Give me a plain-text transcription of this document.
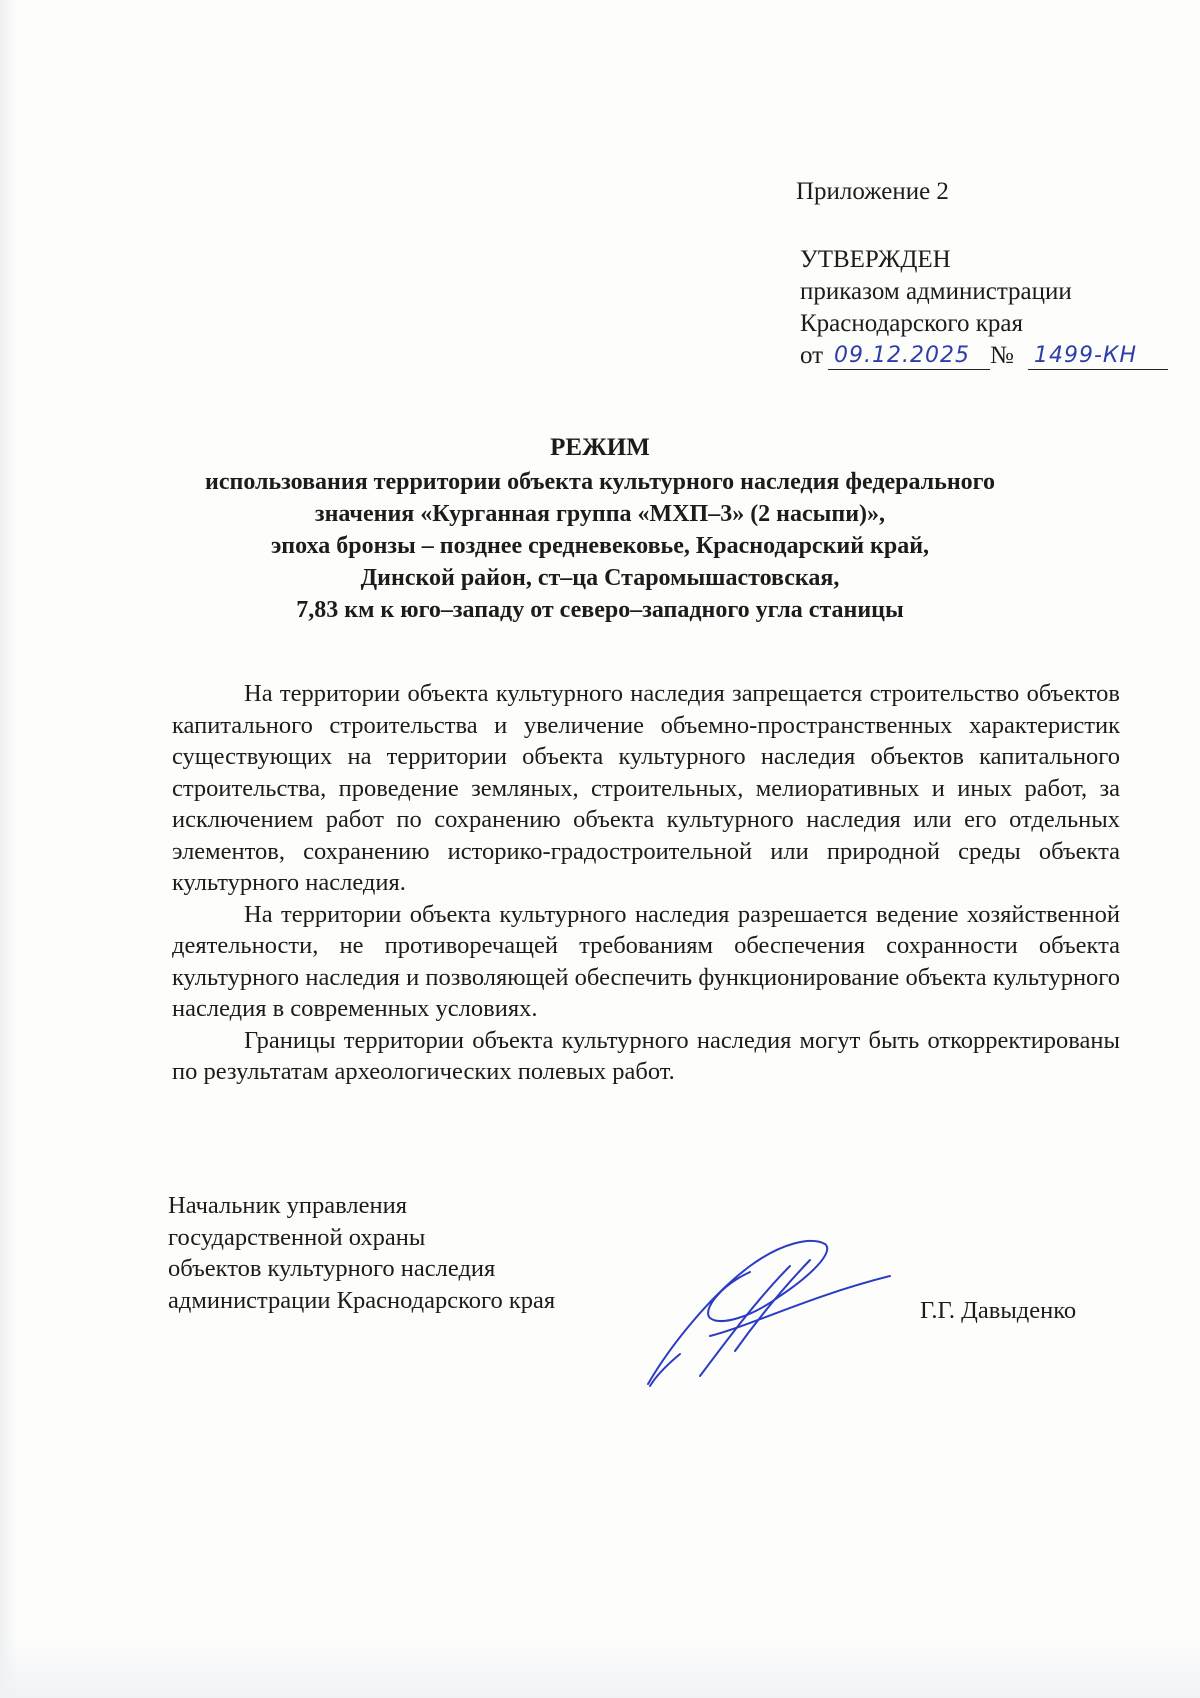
Приложение 2

УТВЕРЖДЕН
приказом администрации
Краснодарского края
от 09.12.2025 № 1499-КН
РЕЖИМ
использования территории объекта культурного наследия федерального
значения «Курганная группа «МХП–3» (2 насыпи)»,
эпоха бронзы – позднее средневековье, Краснодарский край,
Динской район, ст–ца Старомышастовская,
7,83 км к юго–западу от северо–западного угла станицы

На территории объекта культурного наследия запрещается строительство объектов капитального строительства и увеличение объемно-пространственных характеристик существующих на территории объекта культурного наследия объектов капитального строительства, проведение земляных, строительных, мелиоративных и иных работ, за исключением работ по сохранению объекта культурного наследия или его отдельных элементов, сохранению историко-градостроительной или природной среды объекта культурного наследия.

На территории объекта культурного наследия разрешается ведение хозяйственной деятельности, не противоречащей требованиям обеспечения сохранности объекта культурного наследия и позволяющей обеспечить функционирование объекта культурного наследия в современных условиях.

Границы территории объекта культурного наследия могут быть откорректированы по результатам археологических полевых работ.

Начальник управления
государственной охраны
объектов культурного наследия
администрации Краснодарского края	Г.Г. Давыденко
